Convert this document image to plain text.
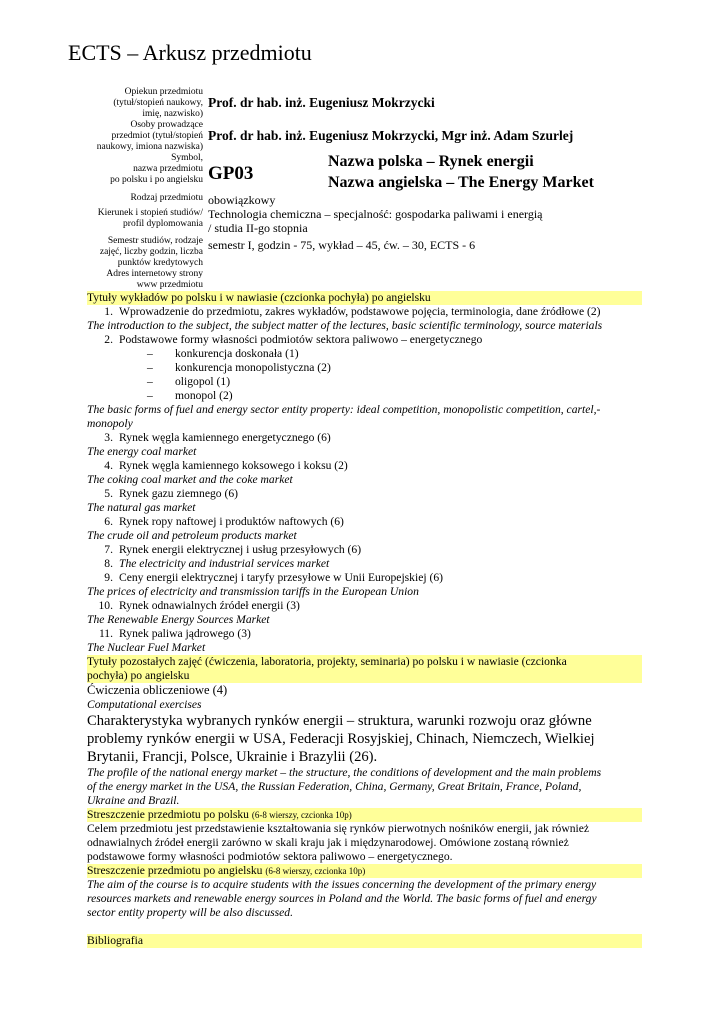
ECTS – Arkusz przedmiotu
Opiekun przedmiotu
(tytuł/stopień naukowy,
imię, nazwisko)
Osoby prowadzące
przedmiot (tytuł/stopień
naukowy, imiona nazwiska)
Symbol,
nazwa przedmiotu
po polsku i po angielsku
Rodzaj przedmiotu
Kierunek i stopień studiów/
profil dyplomowania
Semestr studiów, rodzaje
zajęć, liczby godzin, liczba
punktów kredytowych
Adres internetowy strony
www przedmiotu
Prof. dr hab. inż. Eugeniusz Mokrzycki
Prof. dr hab. inż. Eugeniusz Mokrzycki, Mgr inż. Adam Szurlej
GP03
Nazwa polska – Rynek energii
Nazwa angielska – The Energy Market
obowiązkowy
Technologia chemiczna – specjalność: gospodarka paliwami i energią
/ studia II-go stopnia
semestr I, godzin - 75, wykład – 45, ćw. – 30, ECTS - 6
Tytuły wykładów po polsku i w nawiasie (czcionka pochyła) po angielsku
1. Wprowadzenie do przedmiotu, zakres wykładów, podstawowe pojęcia, terminologia, dane źródłowe (2)
The introduction to the subject, the subject matter of the lectures, basic scientific terminology, source materials
2. Podstawowe formy własności podmiotów sektora paliwowo – energetycznego
– konkurencja doskonała (1)
– konkurencja monopolistyczna (2)
– oligopol (1)
– monopol (2)
The basic forms of fuel and energy sector entity property: ideal competition, monopolistic competition, cartel,-
monopoly
3. Rynek węgla kamiennego energetycznego (6)
The energy coal market
4. Rynek węgla kamiennego koksowego i koksu (2)
The coking coal market and the coke market
5. Rynek gazu ziemnego (6)
The natural gas market
6. Rynek ropy naftowej i produktów naftowych (6)
The crude oil and petroleum products market
7. Rynek energii elektrycznej i usług przesyłowych (6)
8. The electricity and industrial services market
9. Ceny energii elektrycznej i taryfy przesyłowe w Unii Europejskiej (6)
The prices of electricity and transmission tariffs in the European Union
10. Rynek odnawialnych źródeł energii (3)
The Renewable Energy Sources Market
11. Rynek paliwa jądrowego (3)
The Nuclear Fuel Market
Tytuły pozostałych zajęć (ćwiczenia, laboratoria, projekty, seminaria) po polsku i w nawiasie (czcionka
pochyła) po angielsku
Ćwiczenia obliczeniowe (4)
Computational exercises
Charakterystyka wybranych rynków energii – struktura, warunki rozwoju oraz główne
problemy rynków energii w USA, Federacji Rosyjskiej, Chinach, Niemczech, Wielkiej
Brytanii, Francji, Polsce, Ukrainie i Brazylii (26).
The profile of the national energy market – the structure, the conditions of development and the main problems
of the energy market in the USA, the Russian Federation, China, Germany, Great Britain, France, Poland,
Ukraine and Brazil.
Streszczenie przedmiotu po polsku (6-8 wierszy, czcionka 10p)
Celem przedmiotu jest przedstawienie kształtowania się rynków pierwotnych nośników energii, jak również
odnawialnych źródeł energii zarówno w skali kraju jak i międzynarodowej. Omówione zostaną również
podstawowe formy własności podmiotów sektora paliwowo – energetycznego.
Streszczenie przedmiotu po angielsku (6-8 wierszy, czcionka 10p)
The aim of the course is to acquire students with the issues concerning the development of the primary energy
resources markets and renewable energy sources in Poland and the World. The basic forms of fuel and energy
sector entity property will be also discussed.
Bibliografia
